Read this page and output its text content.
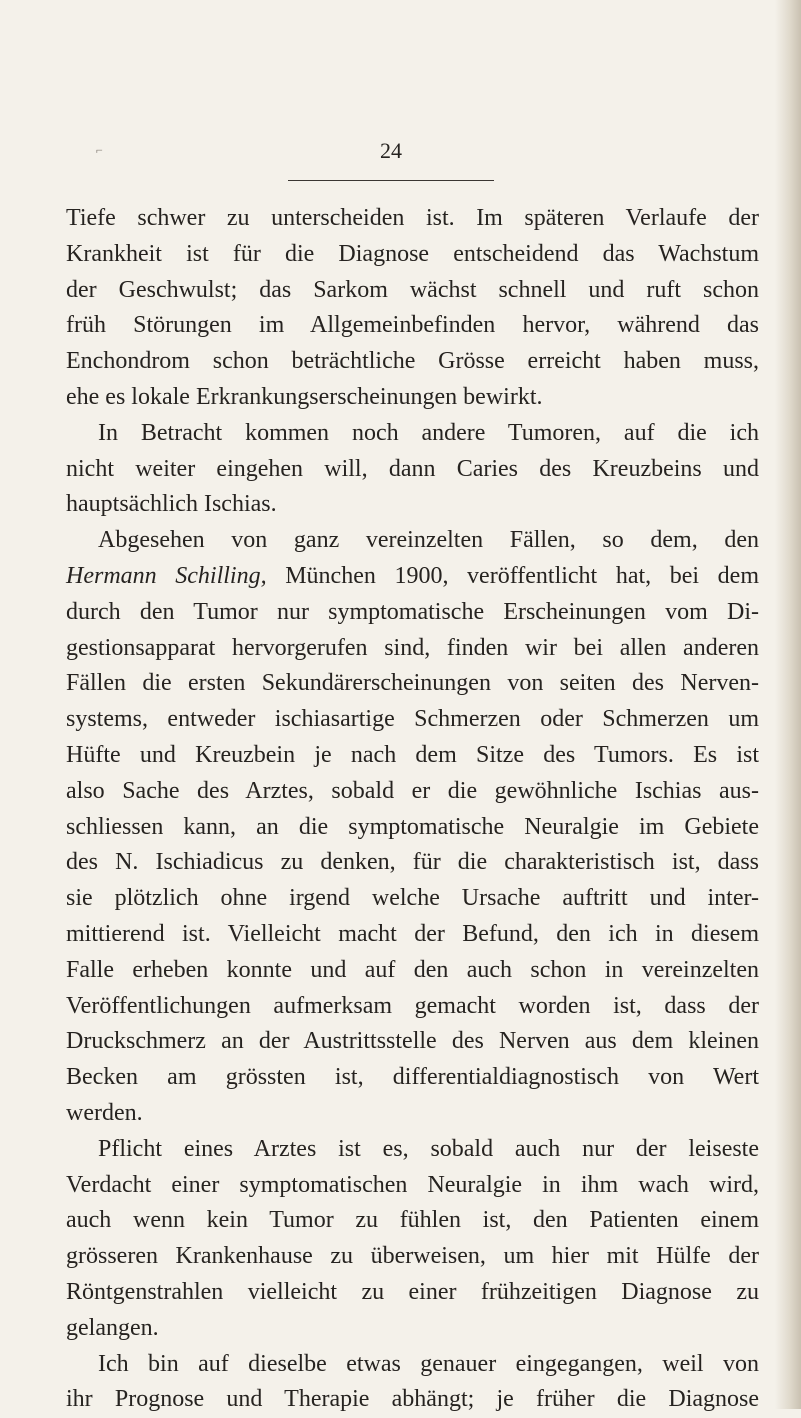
⌐	24
Tiefe schwer zu unterscheiden ist. Im späteren Verlaufe der
Krankheit ist für die Diagnose entscheidend das Wachstum
der Geschwulst; das Sarkom wächst schnell und ruft schon
früh Störungen im Allgemeinbefinden hervor, während das
Enchondrom schon beträchtliche Grösse erreicht haben muss,
ehe es lokale Erkrankungserscheinungen bewirkt.
In Betracht kommen noch andere Tumoren, auf die ich
nicht weiter eingehen will, dann Caries des Kreuzbeins und
hauptsächlich Ischias.
Abgesehen von ganz vereinzelten Fällen, so dem, den
Hermann Schilling, München 1900, veröffentlicht hat, bei dem
durch den Tumor nur symptomatische Erscheinungen vom Di-
gestionsapparat hervorgerufen sind, finden wir bei allen anderen
Fällen die ersten Sekundärerscheinungen von seiten des Nerven-
systems, entweder ischiasartige Schmerzen oder Schmerzen um
Hüfte und Kreuzbein je nach dem Sitze des Tumors. Es ist
also Sache des Arztes, sobald er die gewöhnliche Ischias aus-
schliessen kann, an die symptomatische Neuralgie im Gebiete
des N. Ischiadicus zu denken, für die charakteristisch ist, dass
sie plötzlich ohne irgend welche Ursache auftritt und inter-
mittierend ist. Vielleicht macht der Befund, den ich in diesem
Falle erheben konnte und auf den auch schon in vereinzelten
Veröffentlichungen aufmerksam gemacht worden ist, dass der
Druckschmerz an der Austrittsstelle des Nerven aus dem kleinen
Becken am grössten ist, differentialdiagnostisch von Wert
werden.
Pflicht eines Arztes ist es, sobald auch nur der leiseste
Verdacht einer symptomatischen Neuralgie in ihm wach wird,
auch wenn kein Tumor zu fühlen ist, den Patienten einem
grösseren Krankenhause zu überweisen, um hier mit Hülfe der
Röntgenstrahlen vielleicht zu einer frühzeitigen Diagnose zu
gelangen.
Ich bin auf dieselbe etwas genauer eingegangen, weil von
ihr Prognose und Therapie abhängt; je früher die Diagnose
